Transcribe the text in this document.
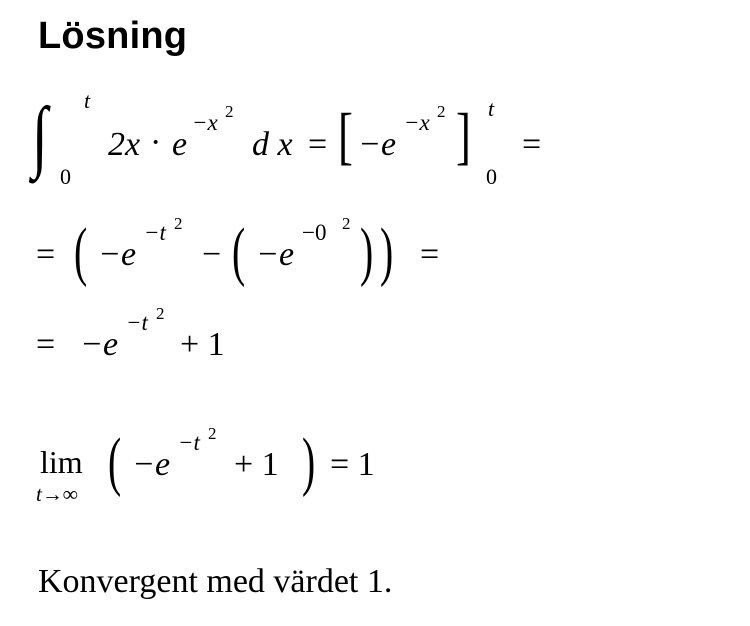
Lösning
∫ t
0
2x · e
−x 2
d x = [ −e
−x 2 ] t
0
=
= ( −e
−t 2
− ( −e
−0 2 ) ) =
= −e
−t 2
+ 1
lim
t→∞ ( −e
−t 2
+ 1 ) = 1
Konvergent med värdet 1.
